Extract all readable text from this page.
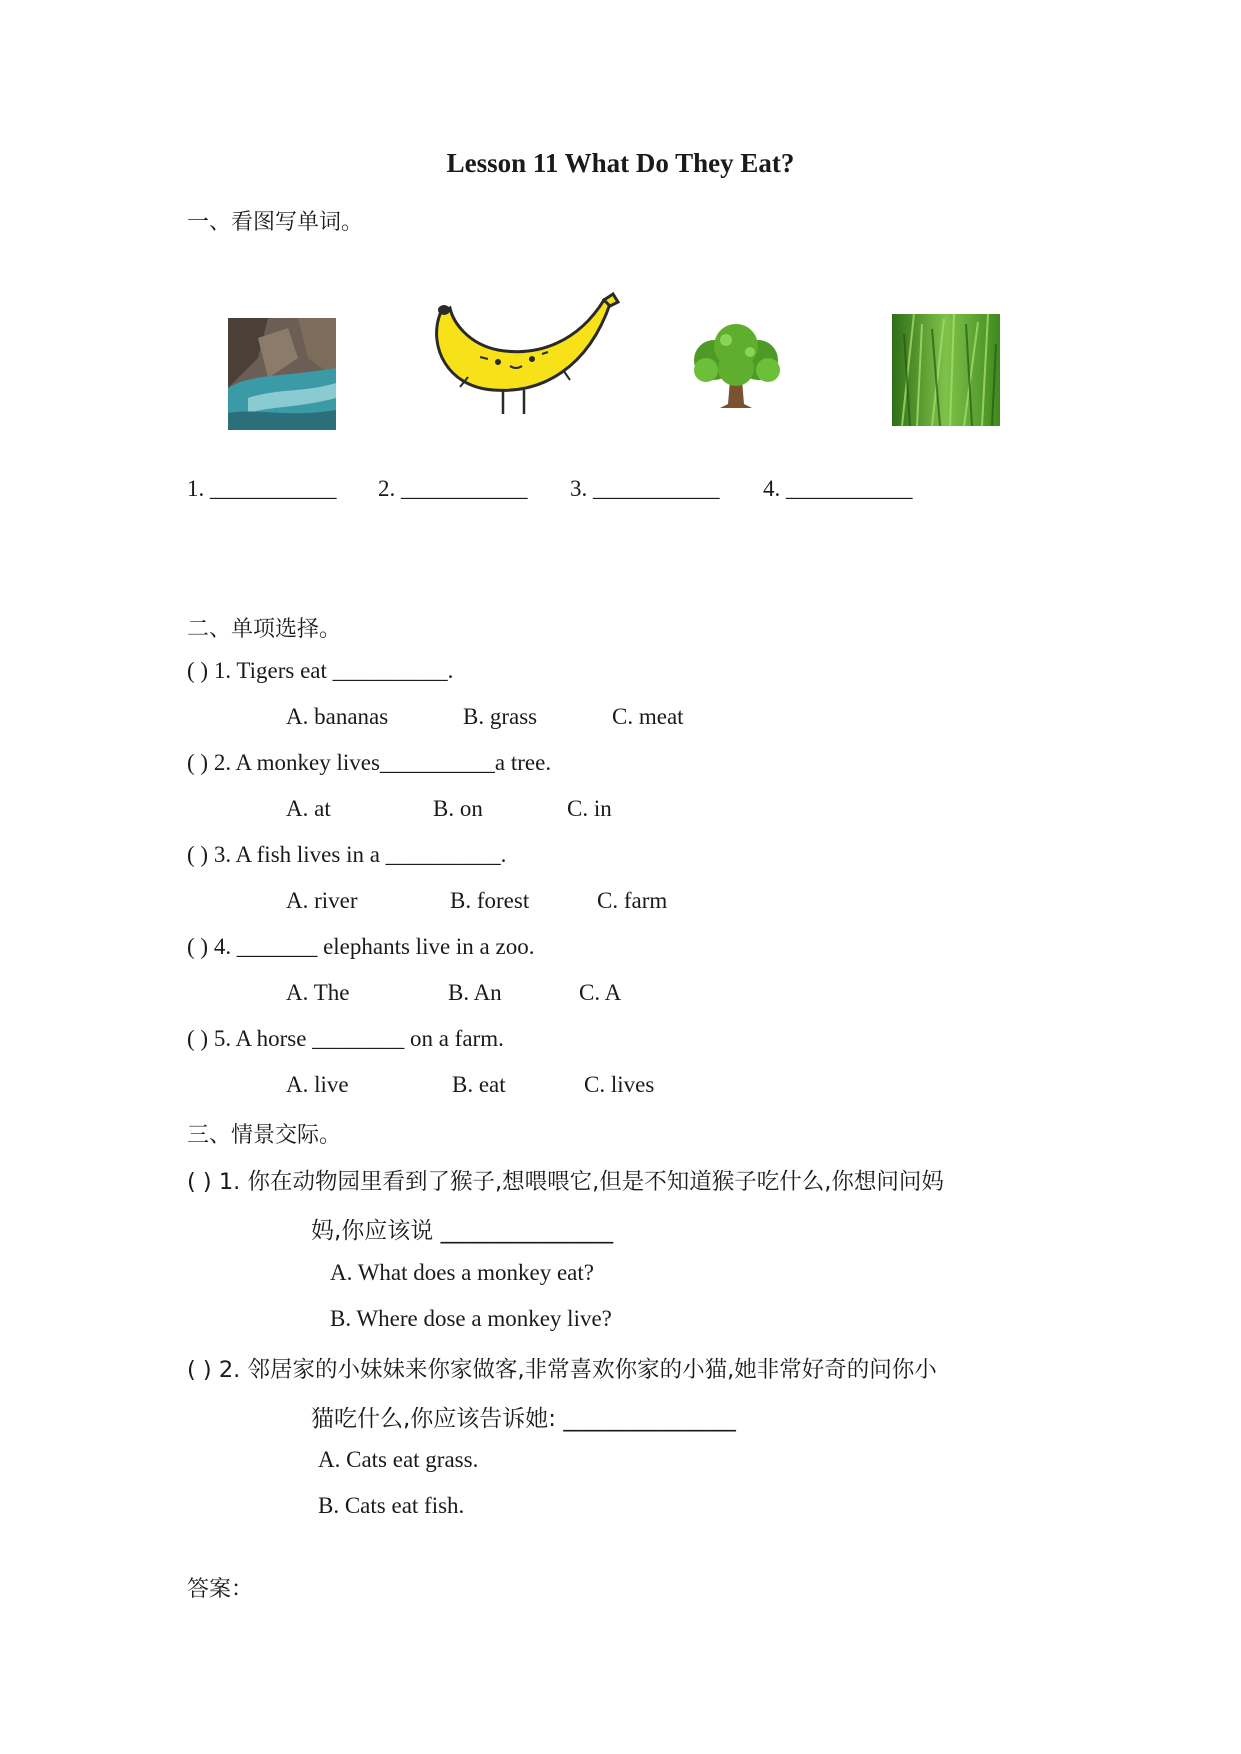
Lesson 11 What Do They Eat?
一、看图写单词。
1. ___________ 2. ___________ 3. ___________ 4. ___________
二、单项选择。
( ) 1. Tigers eat __________.
A. bananas	B. grass	C. meat
( ) 2. A monkey lives__________a tree.
A. at	B. on	C. in
( ) 3. A fish lives in a __________.
A. river	B. forest	C. farm
( ) 4. _______ elephants live in a zoo.
A. The	B. An	C. A
( ) 5. A horse ________ on a farm.
A. live	B. eat	C. lives
三、情景交际。
( ) 1. 你在动物园里看到了猴子,想喂喂它,但是不知道猴子吃什么,你想问问妈
妈,你应该说 _______________
A. What does a monkey eat?
B. Where dose a monkey live?
( ) 2. 邻居家的小妹妹来你家做客,非常喜欢你家的小猫,她非常好奇的问你小
猫吃什么,你应该告诉她: _______________
A. Cats eat grass.
B. Cats eat fish.
答案：
